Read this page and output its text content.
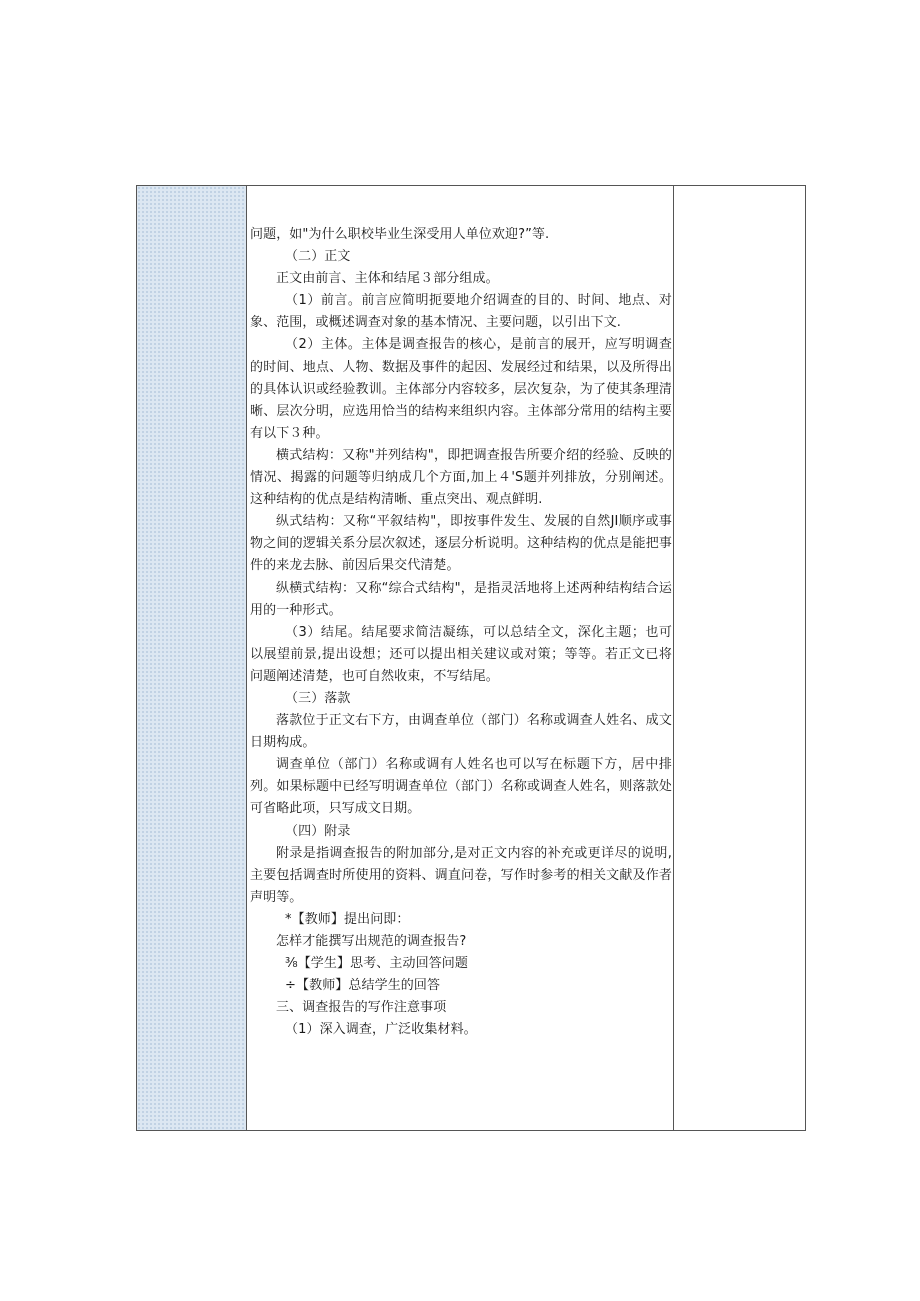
问题，如"为什么职校毕业生深受用人单位欢迎?”等.

（二）正文

正文由前言、主体和结尾３部分组成。

（1）前言。前言应简明扼要地介绍调查的目的、时间、地点、对象、范围，或概述调查对象的基本情况、主要问题，以引出下文.

（2）主体。主体是调查报告的核心，是前言的展开，应写明调查的时间、地点、人物、数据及事件的起因、发展经过和结果，以及所得出的具体认识或经验教训。主体部分内容较多，层次复杂，为了使其条理清晰、层次分明，应选用恰当的结构来组织内容。主体部分常用的结构主要有以下３种。

横式结构：又称"并列结构"，即把调查报告所要介绍的经验、反映的情况、揭露的问题等归纳成几个方面,加上４'S题并列排放，分别阐述。这种结构的优点是结构清晰、重点突出、观点鲜明.

纵式结构：又称“平叙结构"，即按事件发生、发展的自然JI顺序或事物之间的逻辑关系分层次叙述，逐层分析说明。这种结构的优点是能把事件的来龙去脉、前因后果交代清楚。

纵横式结构：又称“综合式结构"，是指灵活地将上述两种结构结合运用的一种形式。

（3）结尾。结尾要求简洁凝练，可以总结全文，深化主题；也可以展望前景,提出设想；还可以提出相关建议或对策；等等。若正文已将问题阐述清楚，也可自然收束，不写结尾。

（三）落款

落款位于正文右下方，由调查单位（部门）名称或调查人姓名、成文日期构成。

调查单位（部门）名称或调有人姓名也可以写在标题下方，居中排列。如果标题中已经写明调查单位（部门）名称或调查人姓名，则落款处可省略此项，只写成文日期。

（四）附录

附录是指调查报告的附加部分,是对正文内容的补充或更详尽的说明,主要包括调查时所使用的资料、调直问卷，写作时参考的相关文献及作者声明等。

*【教师】提出问即：

怎样才能撰写出规范的调查报告?

⅜【学生】思考、主动回答问题

÷【教师】总结学生的回答

三、调查报告的写作注意事项

（1）深入调查，广泛收集材料。
